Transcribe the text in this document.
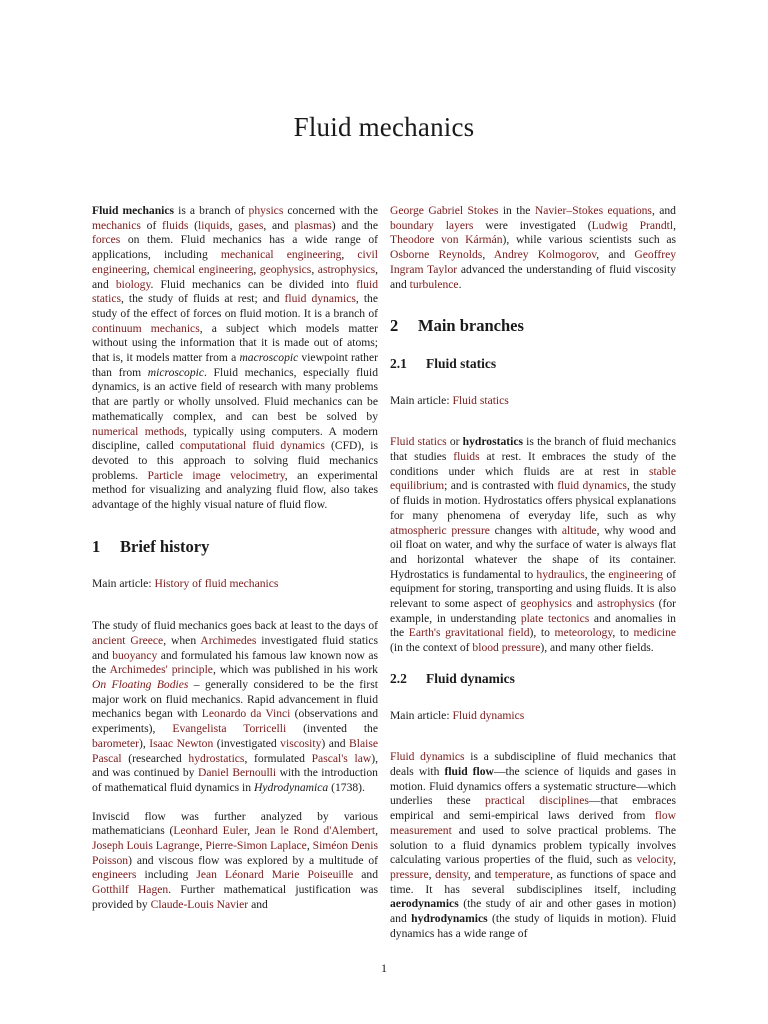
Fluid mechanics
Fluid mechanics is a branch of physics concerned with the mechanics of fluids (liquids, gases, and plasmas) and the forces on them. Fluid mechanics has a wide range of applications, including mechanical engineering, civil engineering, chemical engineering, geophysics, astrophysics, and biology. Fluid mechanics can be divided into fluid statics, the study of fluids at rest; and fluid dynamics, the study of the effect of forces on fluid motion. It is a branch of continuum mechanics, a subject which models matter without using the information that it is made out of atoms; that is, it models matter from a macroscopic viewpoint rather than from microscopic. Fluid mechanics, especially fluid dynamics, is an active field of research with many problems that are partly or wholly unsolved. Fluid mechanics can be mathematically complex, and can best be solved by numerical methods, typically using computers. A modern discipline, called computational fluid dynamics (CFD), is devoted to this approach to solving fluid mechanics problems. Particle image velocimetry, an experimental method for visualizing and analyzing fluid flow, also takes advantage of the highly visual nature of fluid flow.
1 Brief history
Main article: History of fluid mechanics
The study of fluid mechanics goes back at least to the days of ancient Greece, when Archimedes investigated fluid statics and buoyancy and formulated his famous law known now as the Archimedes' principle, which was published in his work On Floating Bodies – generally considered to be the first major work on fluid mechanics. Rapid advancement in fluid mechanics began with Leonardo da Vinci (observations and experiments), Evangelista Torricelli (invented the barometer), Isaac Newton (investigated viscosity) and Blaise Pascal (researched hydrostatics, formulated Pascal's law), and was continued by Daniel Bernoulli with the introduction of mathematical fluid dynamics in Hydrodynamica (1738).
Inviscid flow was further analyzed by various mathematicians (Leonhard Euler, Jean le Rond d'Alembert, Joseph Louis Lagrange, Pierre-Simon Laplace, Siméon Denis Poisson) and viscous flow was explored by a multitude of engineers including Jean Léonard Marie Poiseuille and Gotthilf Hagen. Further mathematical justification was provided by Claude-Louis Navier and
George Gabriel Stokes in the Navier–Stokes equations, and boundary layers were investigated (Ludwig Prandtl, Theodore von Kármán), while various scientists such as Osborne Reynolds, Andrey Kolmogorov, and Geoffrey Ingram Taylor advanced the understanding of fluid viscosity and turbulence.
2 Main branches
2.1 Fluid statics
Main article: Fluid statics
Fluid statics or hydrostatics is the branch of fluid mechanics that studies fluids at rest. It embraces the study of the conditions under which fluids are at rest in stable equilibrium; and is contrasted with fluid dynamics, the study of fluids in motion. Hydrostatics offers physical explanations for many phenomena of everyday life, such as why atmospheric pressure changes with altitude, why wood and oil float on water, and why the surface of water is always flat and horizontal whatever the shape of its container. Hydrostatics is fundamental to hydraulics, the engineering of equipment for storing, transporting and using fluids. It is also relevant to some aspect of geophysics and astrophysics (for example, in understanding plate tectonics and anomalies in the Earth's gravitational field), to meteorology, to medicine (in the context of blood pressure), and many other fields.
2.2 Fluid dynamics
Main article: Fluid dynamics
Fluid dynamics is a subdiscipline of fluid mechanics that deals with fluid flow—the science of liquids and gases in motion. Fluid dynamics offers a systematic structure—which underlies these practical disciplines—that embraces empirical and semi-empirical laws derived from flow measurement and used to solve practical problems. The solution to a fluid dynamics problem typically involves calculating various properties of the fluid, such as velocity, pressure, density, and temperature, as functions of space and time. It has several subdisciplines itself, including aerodynamics (the study of air and other gases in motion) and hydrodynamics (the study of liquids in motion). Fluid dynamics has a wide range of
1
